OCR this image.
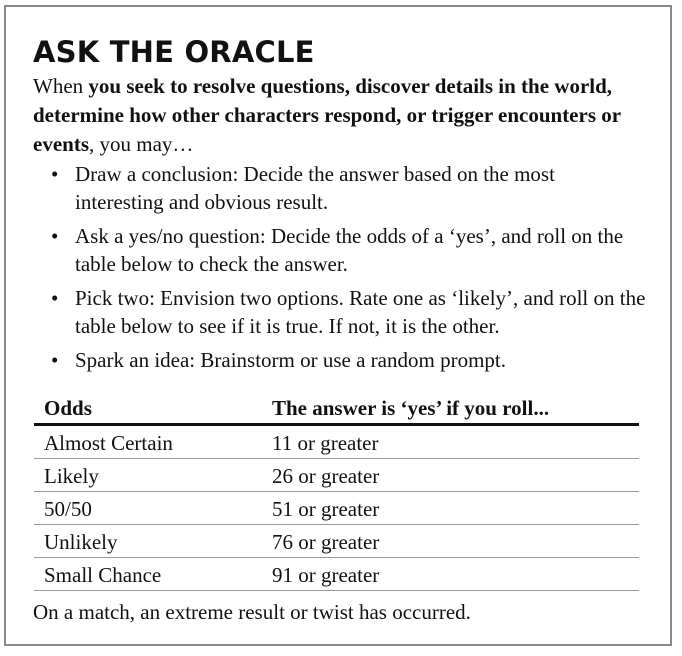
ASK THE ORACLE

When you seek to resolve questions, discover details in the world, determine how other characters respond, or trigger encounters or events, you may…

• Draw a conclusion: Decide the answer based on the most interesting and obvious result.
• Ask a yes/no question: Decide the odds of a ‘yes’, and roll on the table below to check the answer.
• Pick two: Envision two options. Rate one as ‘likely’, and roll on the table below to see if it is true. If not, it is the other.
• Spark an idea: Brainstorm or use a random prompt.
Odds	The answer is ‘yes’ if you roll...
Almost Certain	11 or greater
Likely	26 or greater
50/50	51 or greater
Unlikely	76 or greater
Small Chance	91 or greater

On a match, an extreme result or twist has occurred.
